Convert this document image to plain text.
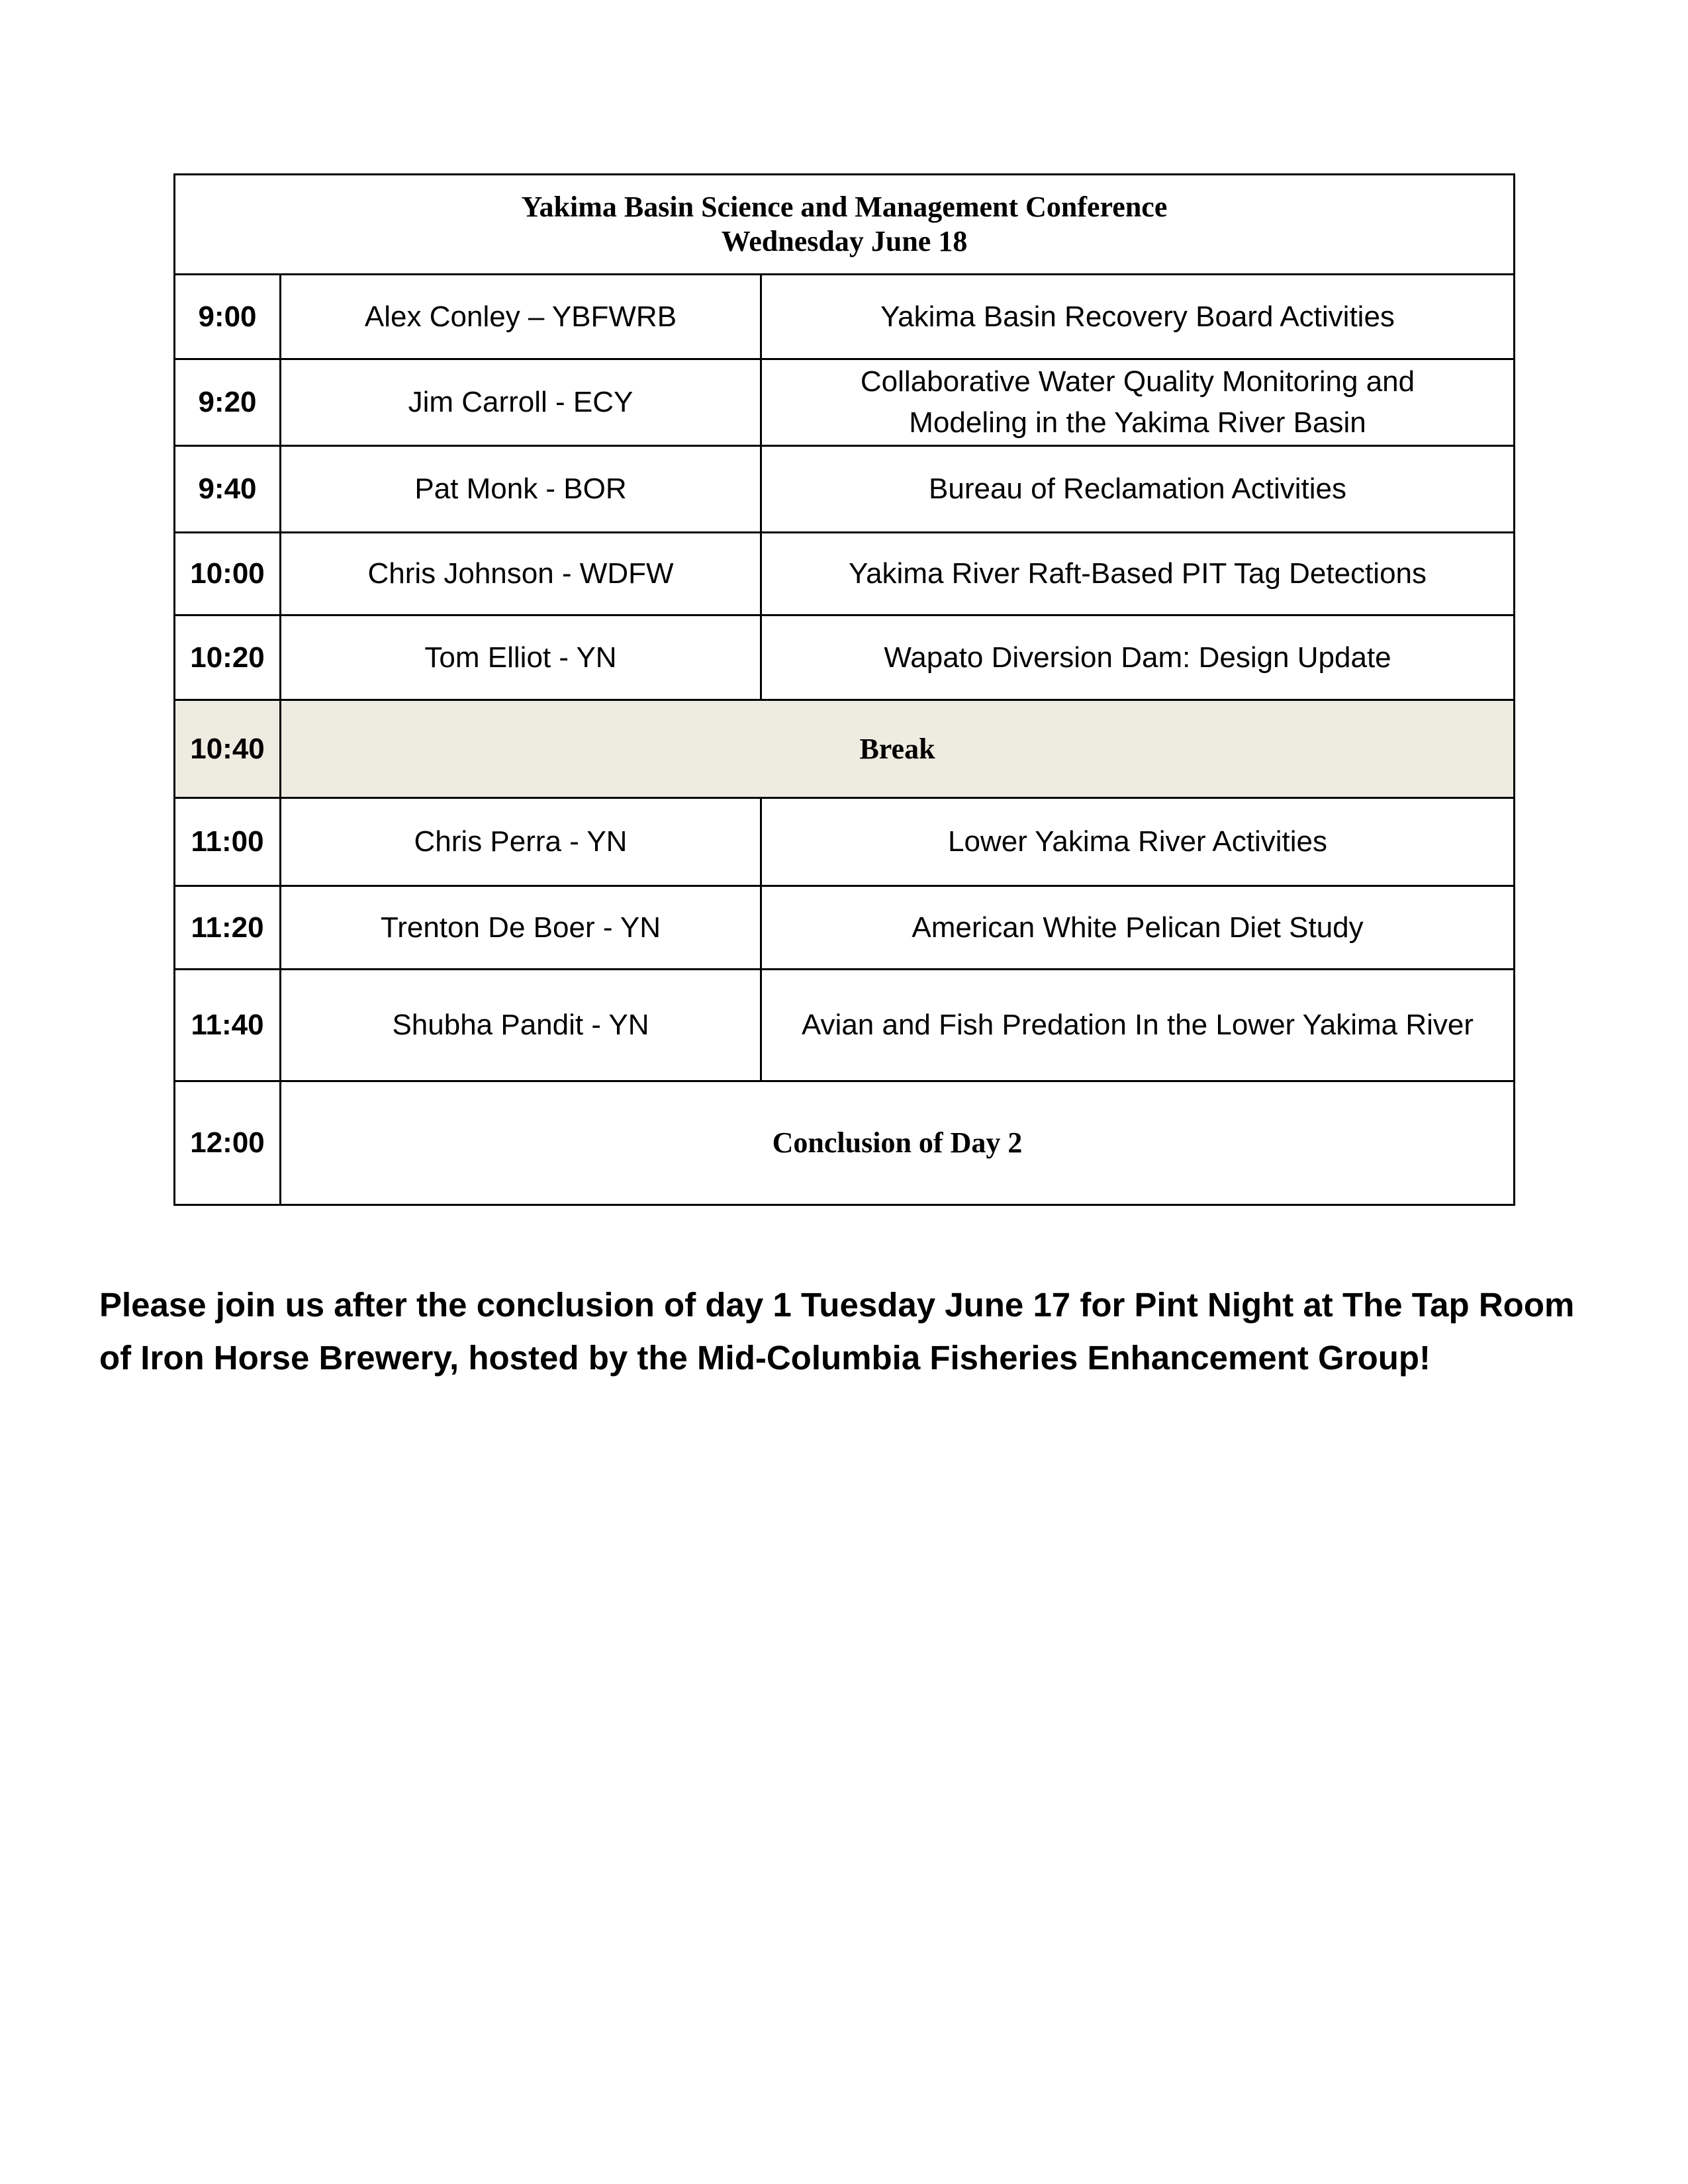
Yakima Basin Science and Management Conference
Wednesday June 18		

9:00	Alex Conley – YBFWRB	Yakima Basin Recovery Board Activities
9:20	Jim Carroll - ECY	Collaborative Water Quality Monitoring and
Modeling in the Yakima River Basin

9:40	Pat Monk - BOR	Bureau of Reclamation Activities
10:00	Chris Johnson - WDFW	Yakima River Raft-Based PIT Tag Detections
10:20	Tom Elliot - YN	Wapato Diversion Dam: Design Update
10:40	Break	
11:00	Chris Perra - YN	Lower Yakima River Activities
11:20	Trenton De Boer - YN	American White Pelican Diet Study
11:40	Shubha Pandit - YN	Avian and Fish Predation In the Lower Yakima River
12:00	Conclusion of Day 2	
Please join us after the conclusion of day 1 Tuesday June 17 for Pint Night at The Tap Room
of Iron Horse Brewery, hosted by the Mid-Columbia Fisheries Enhancement Group!
